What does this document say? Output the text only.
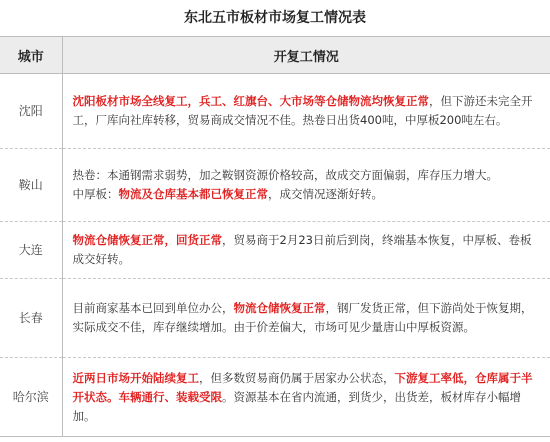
东北五市板材市场复工情况表
城市	开复工情况
沈阳	沈阳板材市场全线复工，兵工、红旗台、大市场等仓储物流均恢复正常，但下游还未完全开工，厂库向社库转移，贸易商成交情况不佳。热卷日出货400吨，中厚板200吨左右。
鞍山	热卷：本通钢需求弱势，加之鞍钢资源价格较高，故成交方面偏弱，库存压力增大。
中厚板：物流及仓库基本都已恢复正常，成交情况逐渐好转。

大连	物流仓储恢复正常，回货正常，贸易商于2月23日前后到岗，终端基本恢复，中厚板、卷板成交好转。
长春	目前商家基本已回到单位办公，物流仓储恢复正常，钢厂发货正常，但下游尚处于恢复期，实际成交不佳，库存继续增加。由于价差偏大，市场可见少量唐山中厚板资源。
哈尔滨	近两日市场开始陆续复工，但多数贸易商仍属于居家办公状态，下游复工率低，仓库属于半开状态。车辆通行、装载受限。资源基本在省内流通，到货少，出货差，板材库存小幅增加。
